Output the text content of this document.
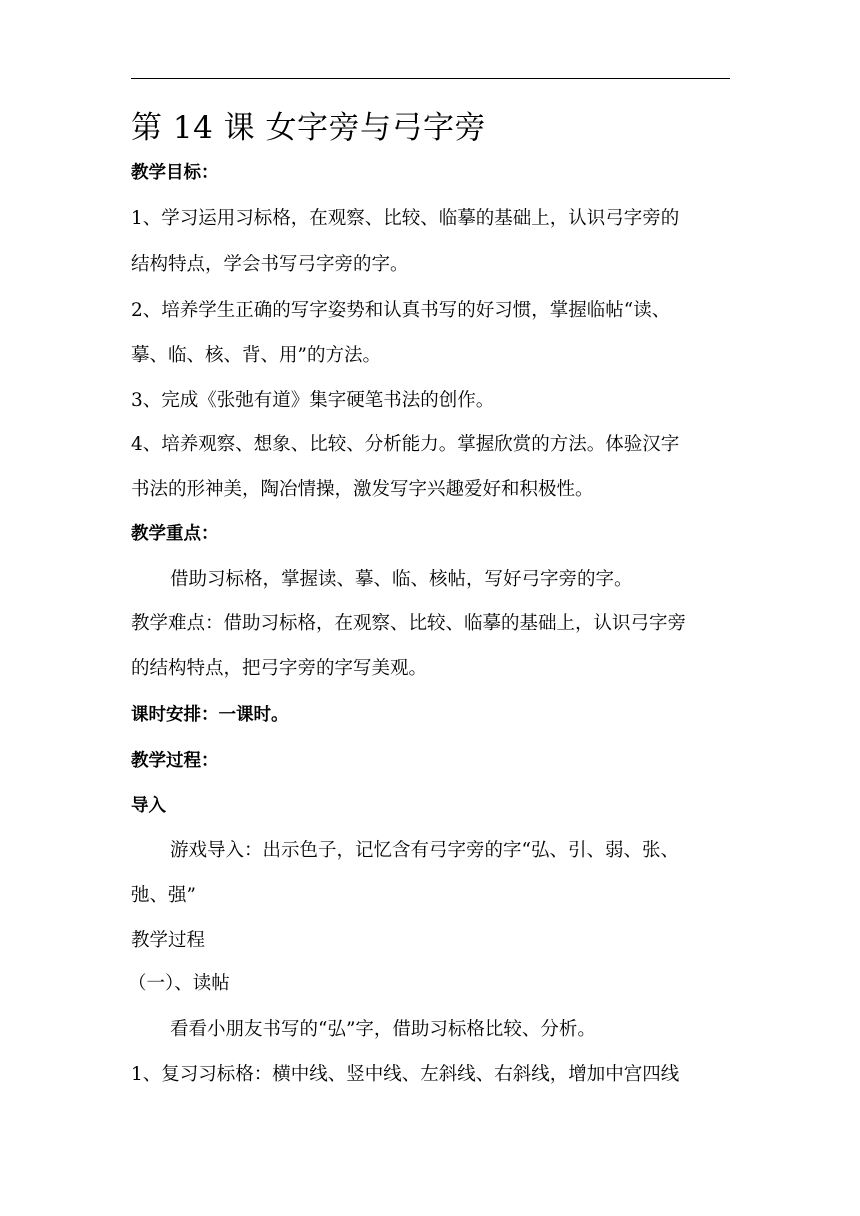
第 14 课 女字旁与弓字旁
教学目标：
1、学习运用习标格，在观察、比较、临摹的基础上，认识弓字旁的
结构特点，学会书写弓字旁的字。
2、培养学生正确的写字姿势和认真书写的好习惯，掌握临帖“读、
摹、临、核、背、用”的方法。
3、完成《张弛有道》集字硬笔书法的创作。
4、培养观察、想象、比较、分析能力。掌握欣赏的方法。体验汉字
书法的形神美，陶冶情操，激发写字兴趣爱好和积极性。
教学重点：
借助习标格，掌握读、摹、临、核帖，写好弓字旁的字。
教学难点：借助习标格，在观察、比较、临摹的基础上，认识弓字旁
的结构特点，把弓字旁的字写美观。
课时安排：一课时。
教学过程：
导入
游戏导入：出示色子，记忆含有弓字旁的字“弘、引、弱、张、
弛、强”
教学过程
（一）、读帖
看看小朋友书写的“弘”字，借助习标格比较、分析。
1、复习习标格：横中线、竖中线、左斜线、右斜线，增加中宫四线
